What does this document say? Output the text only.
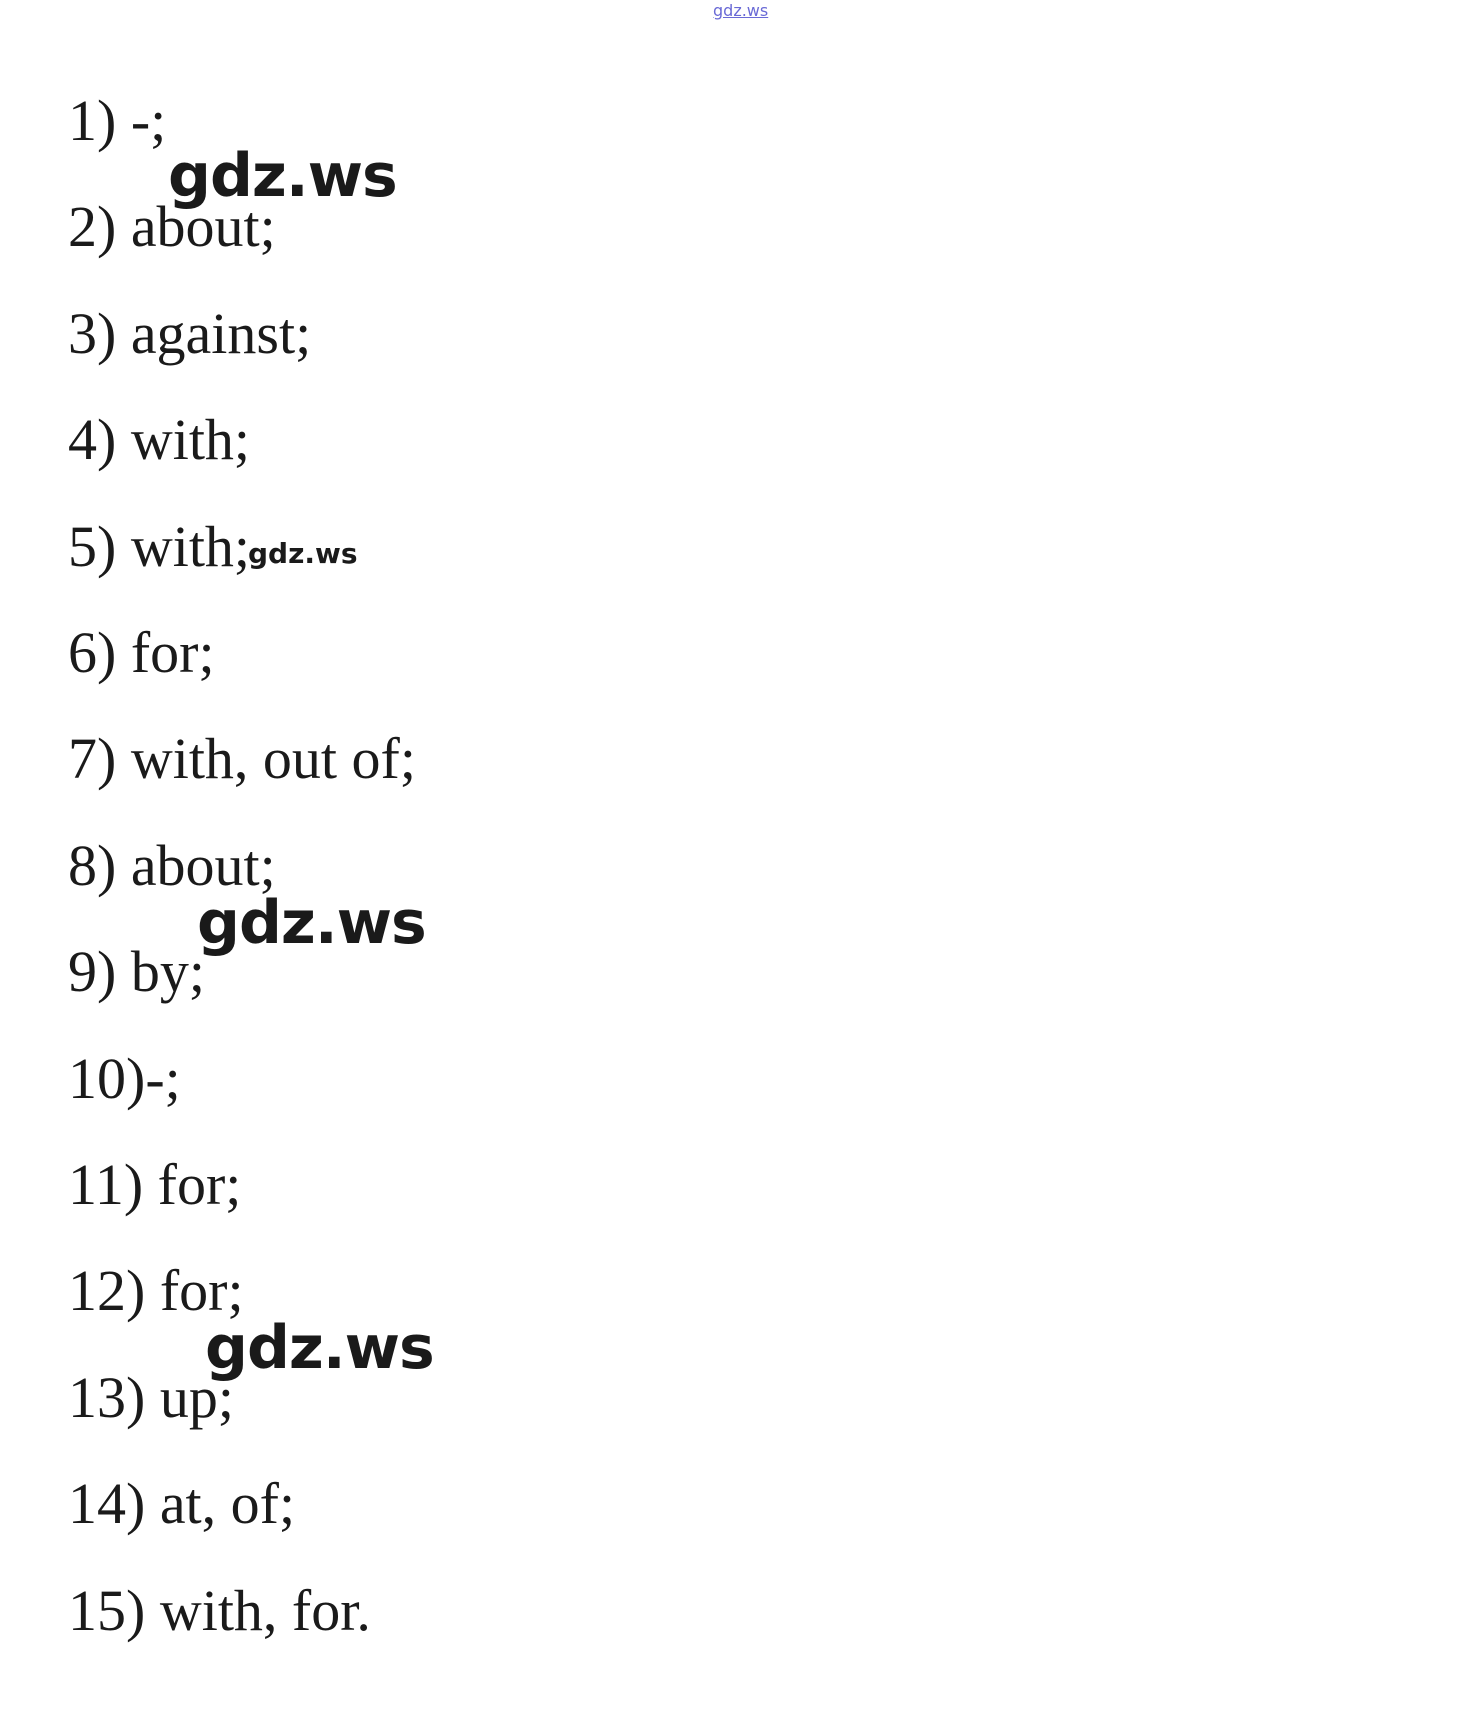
gdz.ws
1) -;
2) about;
3) against;
4) with;
5) with;
6) for;
7) with, out of;
8) about;
9) by;
10)-;
11) for;
12) for;
13) up;
14) at, of;
15) with, for.
gdz.ws
gdz.ws
gdz.ws
gdz.ws
